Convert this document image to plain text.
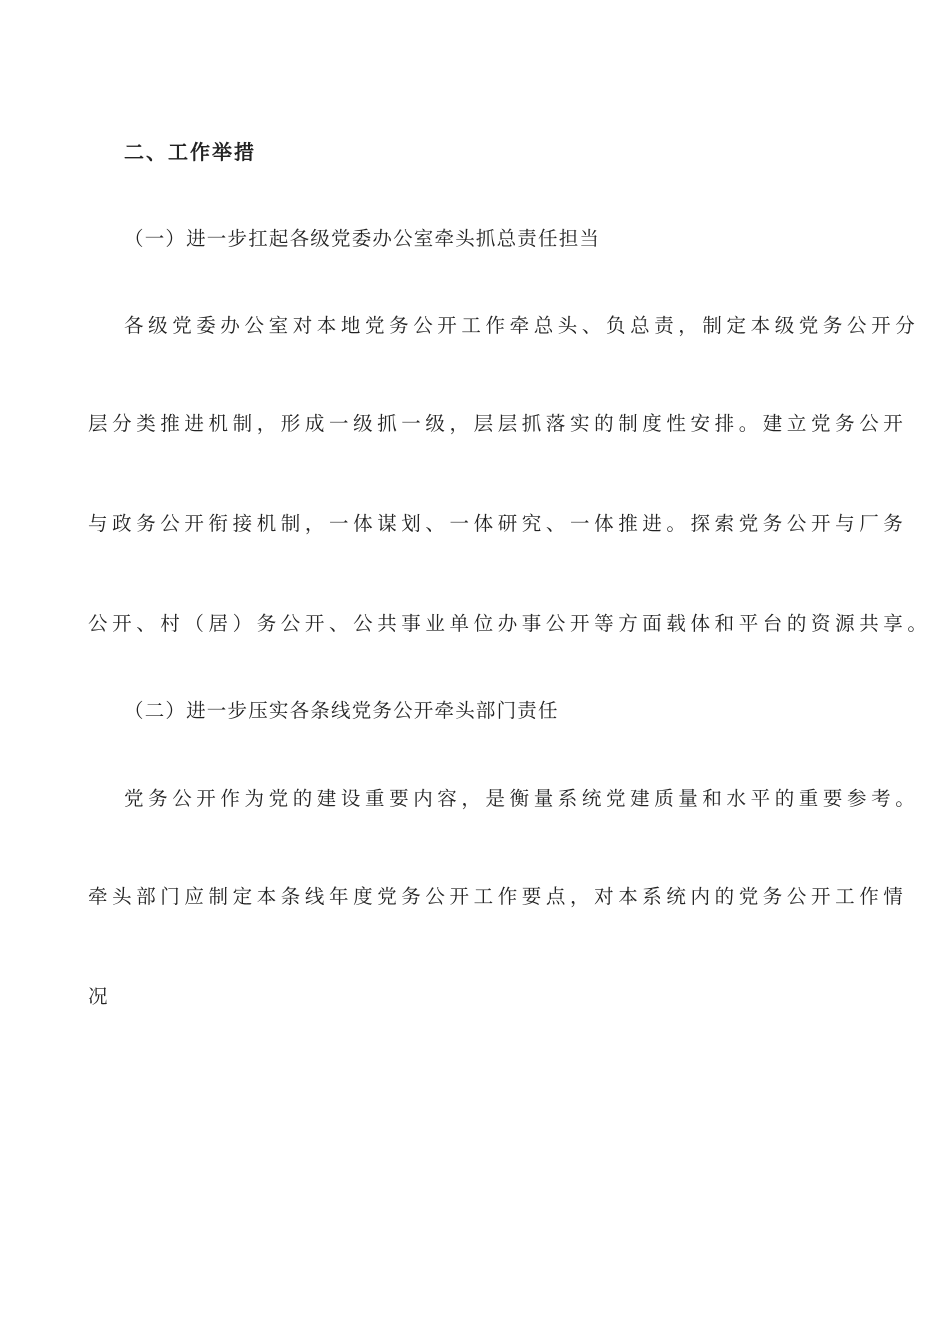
二、工作举措
（一）进一步扛起各级党委办公室牵头抓总责任担当
各级党委办公室对本地党务公开工作牵总头、负总责，制定本级党务公开分
层分类推进机制，形成一级抓一级，层层抓落实的制度性安排。建立党务公开
与政务公开衔接机制，一体谋划、一体研究、一体推进。探索党务公开与厂务
公开、村（居）务公开、公共事业单位办事公开等方面载体和平台的资源共享。
（二）进一步压实各条线党务公开牵头部门责任
党务公开作为党的建设重要内容，是衡量系统党建质量和水平的重要参考。
牵头部门应制定本条线年度党务公开工作要点，对本系统内的党务公开工作情
况
